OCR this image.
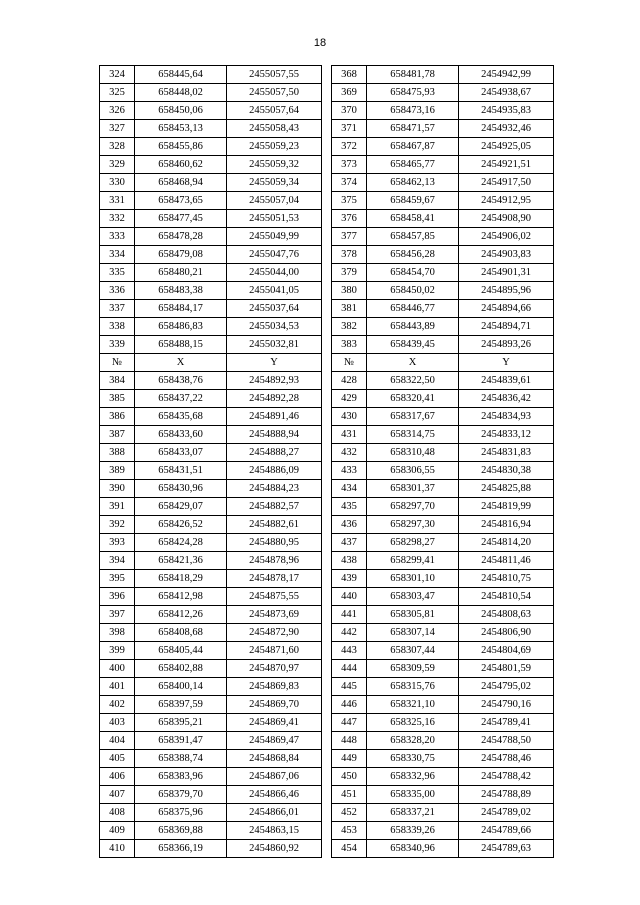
18
324	658445,64	2455057,55		368	658481,78	2454942,99
325	658448,02	2455057,50		369	658475,93	2454938,67
326	658450,06	2455057,64		370	658473,16	2454935,83
327	658453,13	2455058,43		371	658471,57	2454932,46
328	658455,86	2455059,23		372	658467,87	2454925,05
329	658460,62	2455059,32		373	658465,77	2454921,51
330	658468,94	2455059,34		374	658462,13	2454917,50
331	658473,65	2455057,04		375	658459,67	2454912,95
332	658477,45	2455051,53		376	658458,41	2454908,90
333	658478,28	2455049,99		377	658457,85	2454906,02
334	658479,08	2455047,76		378	658456,28	2454903,83
335	658480,21	2455044,00		379	658454,70	2454901,31
336	658483,38	2455041,05		380	658450,02	2454895,96
337	658484,17	2455037,64		381	658446,77	2454894,66
338	658486,83	2455034,53		382	658443,89	2454894,71
339	658488,15	2455032,81		383	658439,45	2454893,26
№	X	Y		№	X	Y
384	658438,76	2454892,93		428	658322,50	2454839,61
385	658437,22	2454892,28		429	658320,41	2454836,42
386	658435,68	2454891,46		430	658317,67	2454834,93
387	658433,60	2454888,94		431	658314,75	2454833,12
388	658433,07	2454888,27		432	658310,48	2454831,83
389	658431,51	2454886,09		433	658306,55	2454830,38
390	658430,96	2454884,23		434	658301,37	2454825,88
391	658429,07	2454882,57		435	658297,70	2454819,99
392	658426,52	2454882,61		436	658297,30	2454816,94
393	658424,28	2454880,95		437	658298,27	2454814,20
394	658421,36	2454878,96		438	658299,41	2454811,46
395	658418,29	2454878,17		439	658301,10	2454810,75
396	658412,98	2454875,55		440	658303,47	2454810,54
397	658412,26	2454873,69		441	658305,81	2454808,63
398	658408,68	2454872,90		442	658307,14	2454806,90
399	658405,44	2454871,60		443	658307,44	2454804,69
400	658402,88	2454870,97		444	658309,59	2454801,59
401	658400,14	2454869,83		445	658315,76	2454795,02
402	658397,59	2454869,70		446	658321,10	2454790,16
403	658395,21	2454869,41		447	658325,16	2454789,41
404	658391,47	2454869,47		448	658328,20	2454788,50
405	658388,74	2454868,84		449	658330,75	2454788,46
406	658383,96	2454867,06		450	658332,96	2454788,42
407	658379,70	2454866,46		451	658335,00	2454788,89
408	658375,96	2454866,01		452	658337,21	2454789,02
409	658369,88	2454863,15		453	658339,26	2454789,66
410	658366,19	2454860,92		454	658340,96	2454789,63
